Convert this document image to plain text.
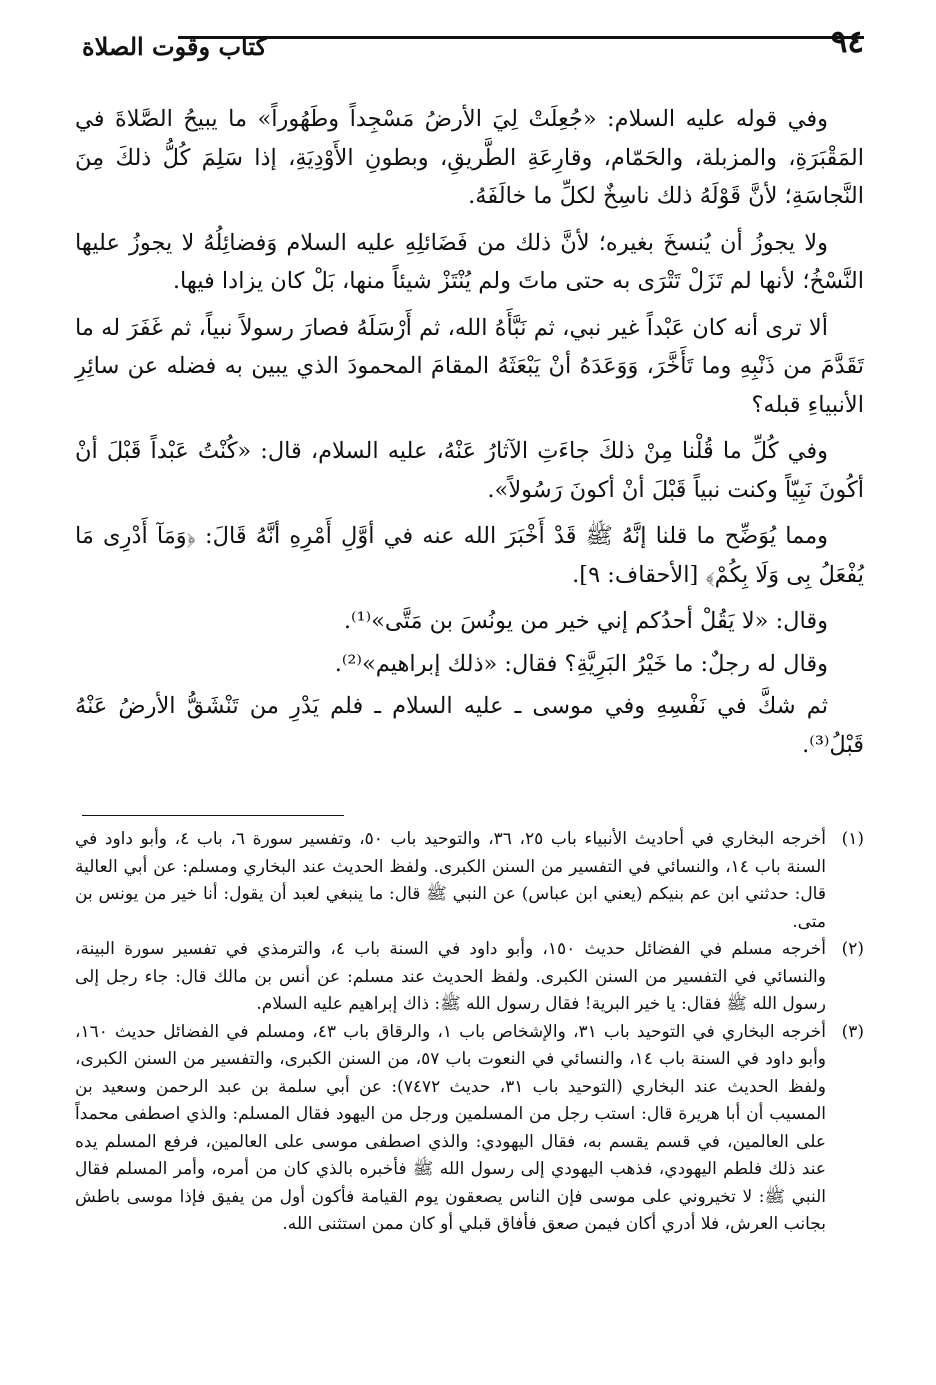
٩٤
كتاب وقوت الصلاة

وفي قوله عليه السلام: «جُعِلَتْ لِيَ الأرضُ مَسْجِداً وطَهُوراً» ما يبيحُ الصَّلاةَ في المَقْبَرَةِ، والمزبلة، والحَمّام، وقارِعَةِ الطَّريقِ، وبطونِ الأَوْدِيَةِ، إذا سَلِمَ كُلُّ ذلكَ مِنَ النَّجاسَةِ؛ لأنَّ قَوْلَهُ ذلك ناسِخٌ لكلِّ ما خالَفَهُ.

ولا يجوزُ أن يُنسخَ بغيره؛ لأنَّ ذلك من فَضَائلِهِ عليه السلام وَفضائِلُهُ لا يجوزُ عليها النَّسْخُ؛ لأنها لم تَزَلْ تَتْرَى به حتى ماتَ ولم يُنْتَزْ شيئاً منها، بَلْ كان يزادا فيها.

ألا ترى أنه كان عَبْداً غير نبي، ثم نَبَّأَهُ الله، ثم أَرْسَلَهُ فصارَ رسولاً نبياً، ثم غَفَرَ له ما تَقَدَّمَ من ذَنْبِهِ وما تَأَخَّرَ، وَوَعَدَهُ أنْ يَبْعَثَهُ المقامَ المحمودَ الذي يبين به فضله عن سائِرِ الأنبياءِ قبله؟

وفي كُلِّ ما قُلْنا مِنْ ذلكَ جاءَتِ الآثارُ عَنْهُ، عليه السلام، قال: «كُنْتُ عَبْداً قَبْلَ أنْ أكُونَ نَبِيّاً وكنت نبياً قَبْلَ أنْ أكونَ رَسُولاً».

ومما يُوَضِّح ما قلنا إنَّهُ ﷺ قَدْ أَخْبَرَ الله عنه في أوَّلِ أَمْرِهِ أنَّهُ قَالَ: ﴿وَمَآ أَدْرِى مَا يُفْعَلُ بِى وَلَا بِكُمْ﴾ [الأحقاف: ٩].

وقال: «لا يَقُلْ أحدُكم إني خير من يونُسَ بن مَتَّى»⁽¹⁾.

وقال له رجلٌ: ما خَيْرُ البَرِيَّةِ؟ فقال: «ذلك إبراهيم»⁽²⁾.

ثم شكَّ في نَفْسِهِ وفي موسى ـ عليه السلام ـ فلم يَدْرِ من تَنْشَقُّ الأرضُ عَنْهُ قَبْلُ⁽³⁾.

(١)
أخرجه البخاري في أحاديث الأنبياء باب ٢٥، ٣٦، والتوحيد باب ٥٠، وتفسير سورة ٦، باب ٤، وأبو داود في السنة باب ١٤، والنسائي في التفسير من السنن الكبرى. ولفظ الحديث عند البخاري ومسلم: عن أبي العالية قال: حدثني ابن عم بنيكم (يعني ابن عباس) عن النبي ﷺ قال: ما ينبغي لعبد أن يقول: أنا خير من يونس بن متى.
(٢)
أخرجه مسلم في الفضائل حديث ١٥٠، وأبو داود في السنة باب ٤، والترمذي في تفسير سورة البينة، والنسائي في التفسير من السنن الكبرى. ولفظ الحديث عند مسلم: عن أنس بن مالك قال: جاء رجل إلى رسول الله ﷺ فقال: يا خير البرية! فقال رسول الله ﷺ: ذاك إبراهيم عليه السلام.
(٣)
أخرجه البخاري في التوحيد باب ٣١، والإشخاص باب ١، والرقاق باب ٤٣، ومسلم في الفضائل حديث ١٦٠، وأبو داود في السنة باب ١٤، والنسائي في النعوت باب ٥٧، من السنن الكبرى، والتفسير من السنن الكبرى، ولفظ الحديث عند البخاري (التوحيد باب ٣١، حديث ٧٤٧٢): عن أبي سلمة بن عبد الرحمن وسعيد بن المسيب أن أبا هريرة قال: استب رجل من المسلمين ورجل من اليهود فقال المسلم: والذي اصطفى محمداً على العالمين، في قسم يقسم به، فقال اليهودي: والذي اصطفى موسى على العالمين، فرفع المسلم يده عند ذلك فلطم اليهودي، فذهب اليهودي إلى رسول الله ﷺ فأخبره بالذي كان من أمره، وأمر المسلم فقال النبي ﷺ: لا تخيروني على موسى فإن الناس يصعقون يوم القيامة فأكون أول من يفيق فإذا موسى باطش بجانب العرش، فلا أدري أكان فيمن صعق فأفاق قبلي أو كان ممن استثنى الله.
